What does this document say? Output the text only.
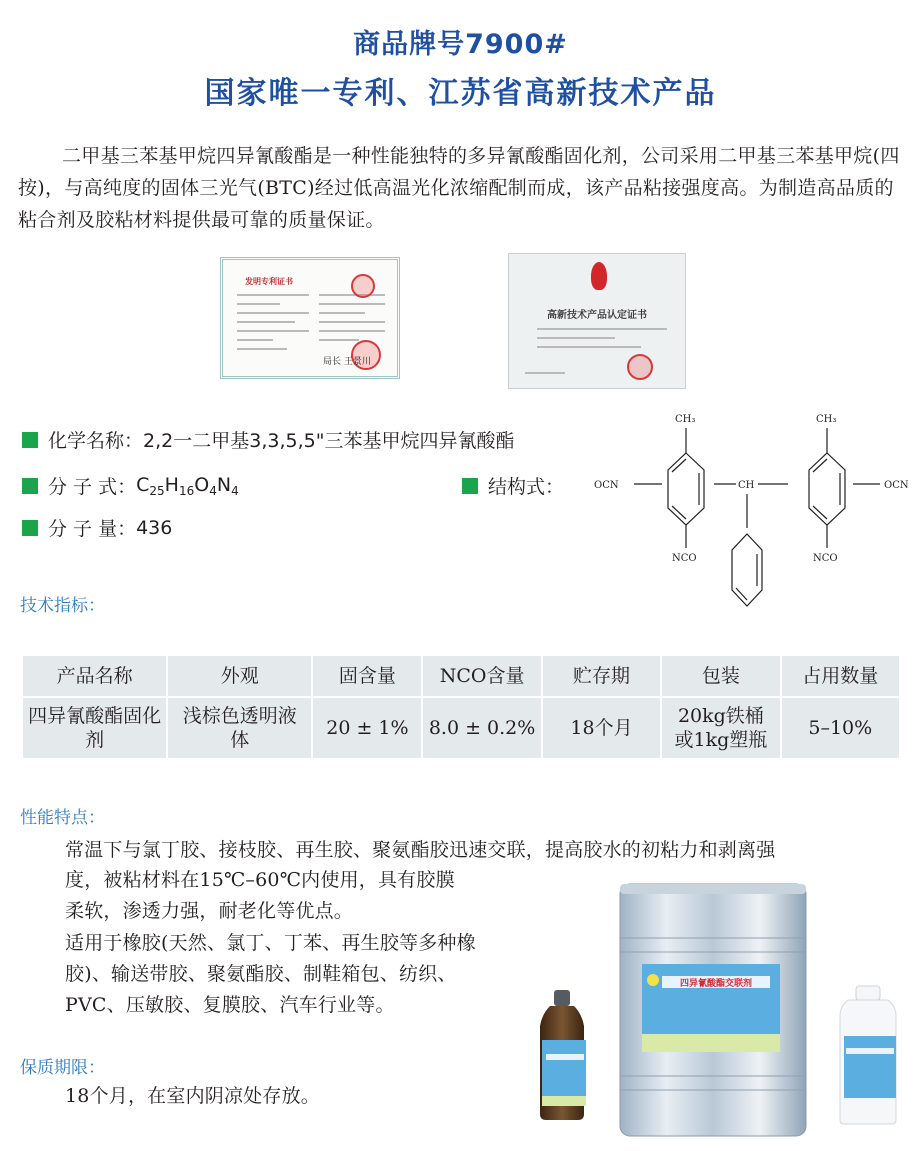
商品牌号7900#
国家唯一专利、江苏省高新技术产品

二甲基三苯基甲烷四异氰酸酯是一种性能独特的多异氰酸酯固化剂，公司采用二甲基三苯基甲烷(四按)，与高纯度的固体三光气(BTC)经过低高温光化浓缩配制而成，该产品粘接强度高。为制造高品质的粘合剂及胶粘材料提供最可靠的质量保证。

发明专利证书
局长 王景川
高新技术产品认定证书
化学名称： 2,2一二甲基3,3,5,5"三苯基甲烷四异氰酸酯
分 子 式： $C_{25}H_{16}O_4N_4$
分 子 量： 436
结构式：
CH₃	CH₃
OCN	OCN
CH
NCO	NCO
技术指标：
产品名称	外观	固含量	NCO含量	贮存期	包装	占用数量
四异氰酸酯固化剂	浅棕色透明液体	20 ± 1%	8.0 ± 0.2%	18个月	20kg铁桶或1kg塑瓶	5–10%
性能特点：
常温下与氯丁胶、接枝胶、再生胶、聚氨酯胶迅速交联，提高胶水的初粘力和剥离强
度，被粘材料在15℃–60℃内使用，具有胶膜
柔软，渗透力强，耐老化等优点。
适用于橡胶(天然、氯丁、丁苯、再生胶等多种橡胶)、输送带胶、聚氨酯胶、制鞋箱包、纺织、PVC、压敏胶、复膜胶、汽车行业等。
保质期限：
18个月，在室内阴凉处存放。
四异氰酸酯交联剂
